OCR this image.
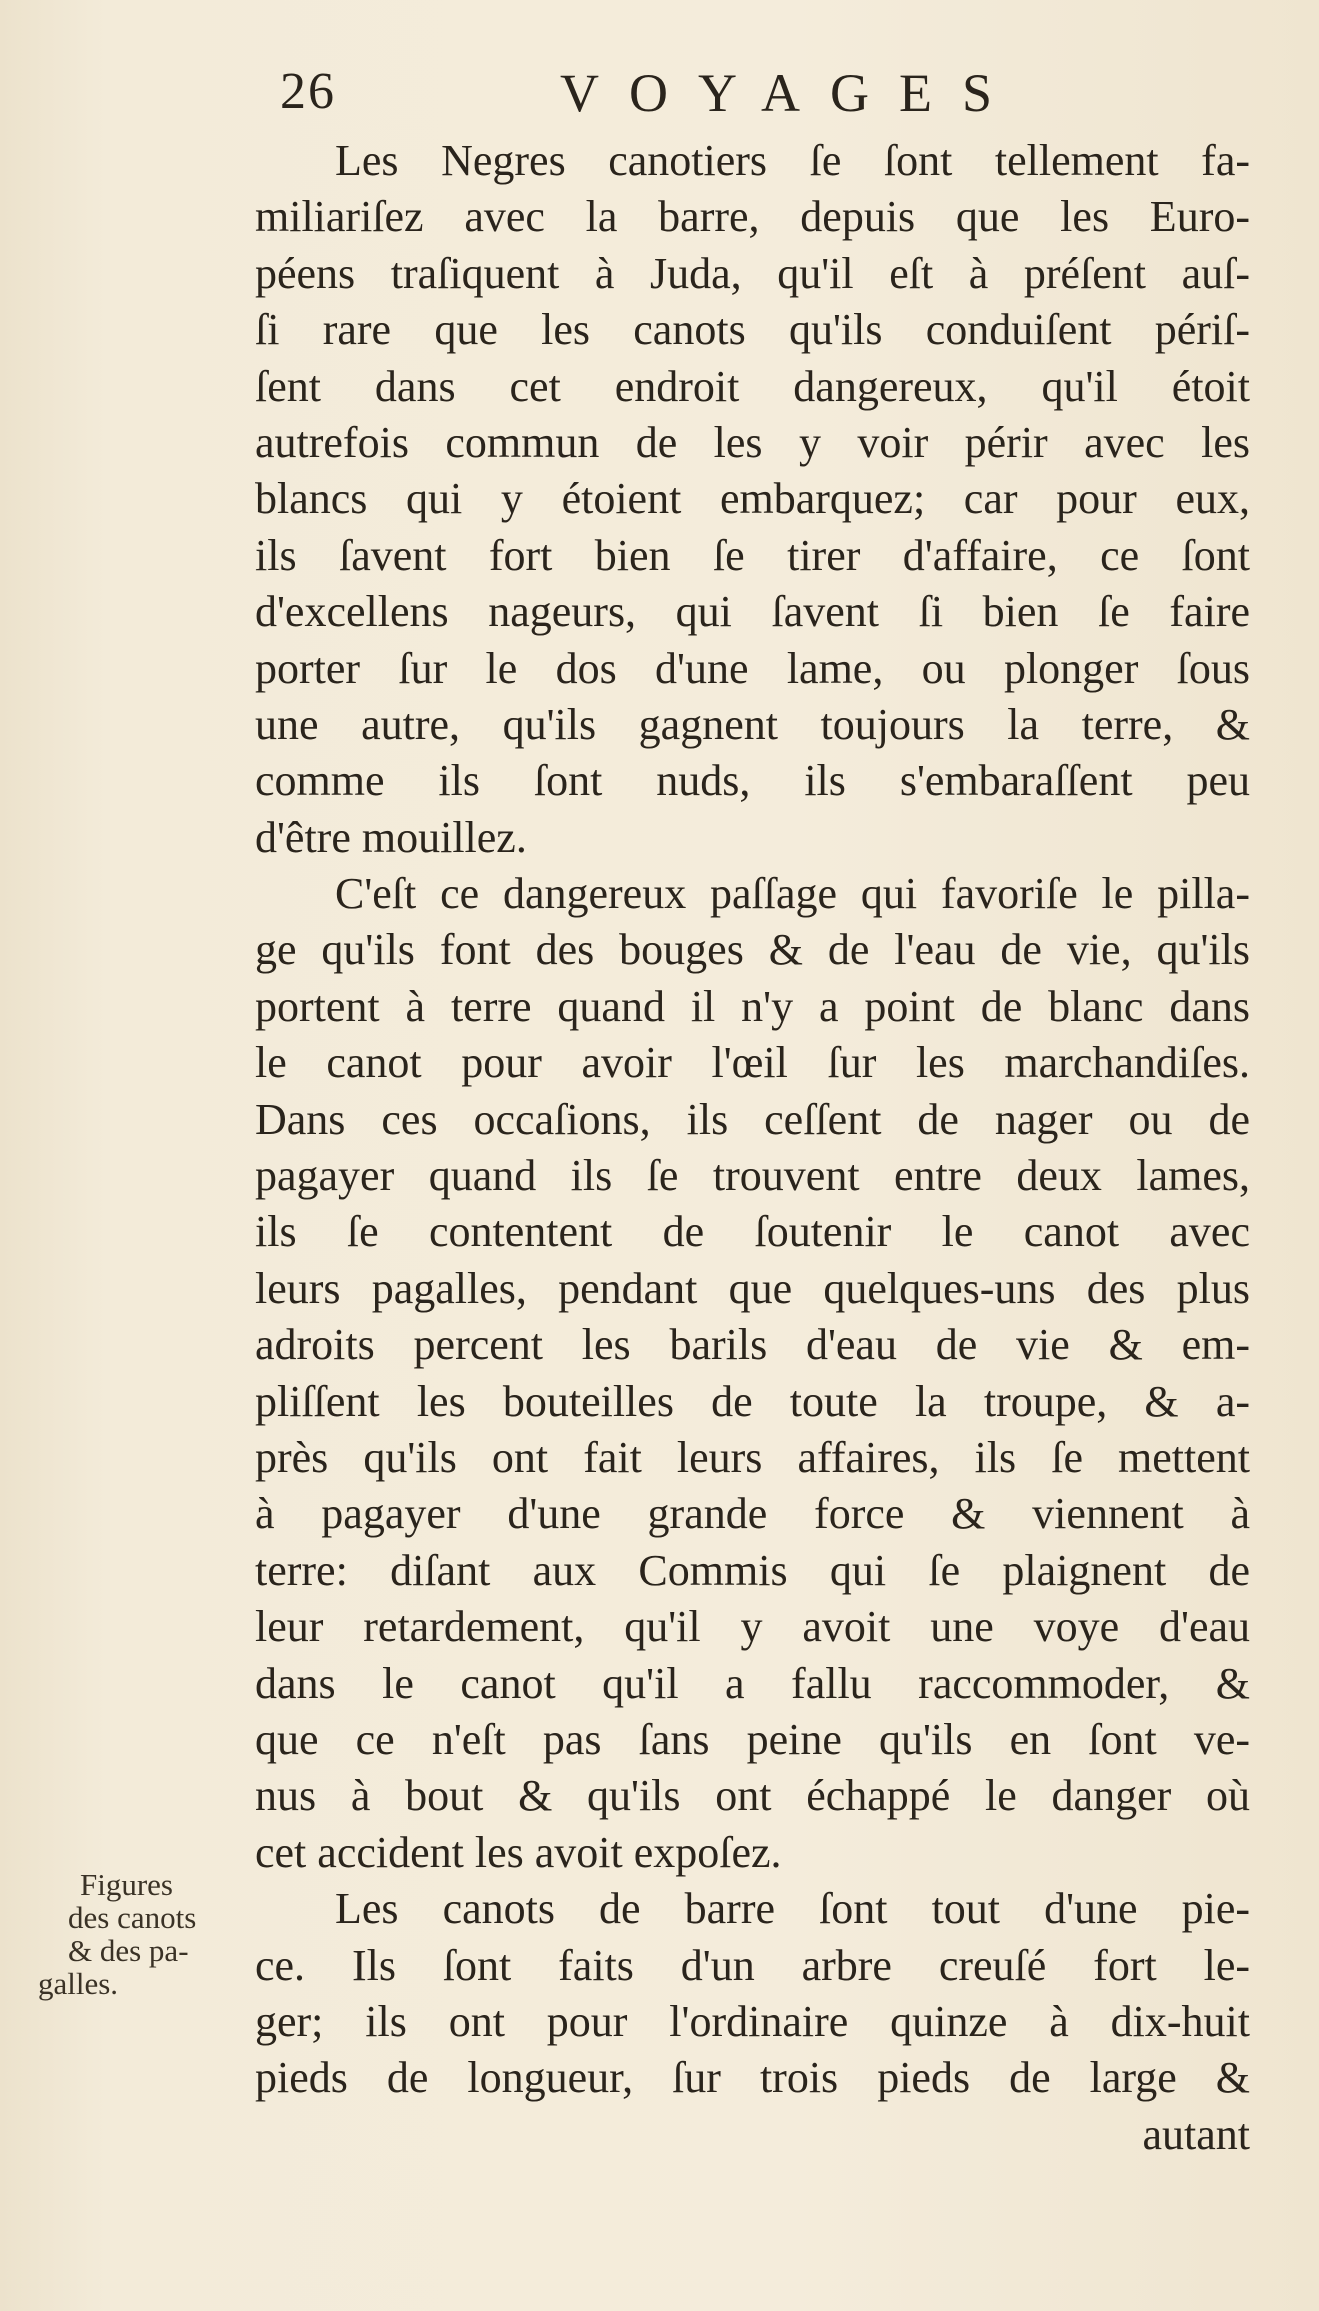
26	VOYAGES
Figures
des canots
& des pa-
galles.
Les Negres canotiers ſe ſont tellement fa-
miliariſez avec la barre, depuis que les Euro-
péens traſiquent à Juda, qu'il eſt à préſent auſ-
ſi rare que les canots qu'ils conduiſent périſ-
ſent dans cet endroit dangereux, qu'il étoit
autrefois commun de les y voir périr avec les
blancs qui y étoient embarquez; car pour eux,
ils ſavent fort bien ſe tirer d'affaire, ce ſont
d'excellens nageurs, qui ſavent ſi bien ſe faire
porter ſur le dos d'une lame, ou plonger ſous
une autre, qu'ils gagnent toujours la terre, &
comme ils ſont nuds, ils s'embaraſſent peu
d'être mouillez.
C'eſt ce dangereux paſſage qui favoriſe le pilla-
ge qu'ils font des bouges & de l'eau de vie, qu'ils
portent à terre quand il n'y a point de blanc dans
le canot pour avoir l'œil ſur les marchandiſes.
Dans ces occaſions, ils ceſſent de nager ou de
pagayer quand ils ſe trouvent entre deux lames,
ils ſe contentent de ſoutenir le canot avec
leurs pagalles, pendant que quelques-uns des plus
adroits percent les barils d'eau de vie & em-
pliſſent les bouteilles de toute la troupe, & a-
près qu'ils ont fait leurs affaires, ils ſe mettent
à pagayer d'une grande force & viennent à
terre: diſant aux Commis qui ſe plaignent de
leur retardement, qu'il y avoit une voye d'eau
dans le canot qu'il a fallu raccommoder, &
que ce n'eſt pas ſans peine qu'ils en ſont ve-
nus à bout & qu'ils ont échappé le danger où
cet accident les avoit expoſez.
Les canots de barre ſont tout d'une pie-
ce. Ils ſont faits d'un arbre creuſé fort le-
ger; ils ont pour l'ordinaire quinze à dix-huit
pieds de longueur, ſur trois pieds de large &
autant
